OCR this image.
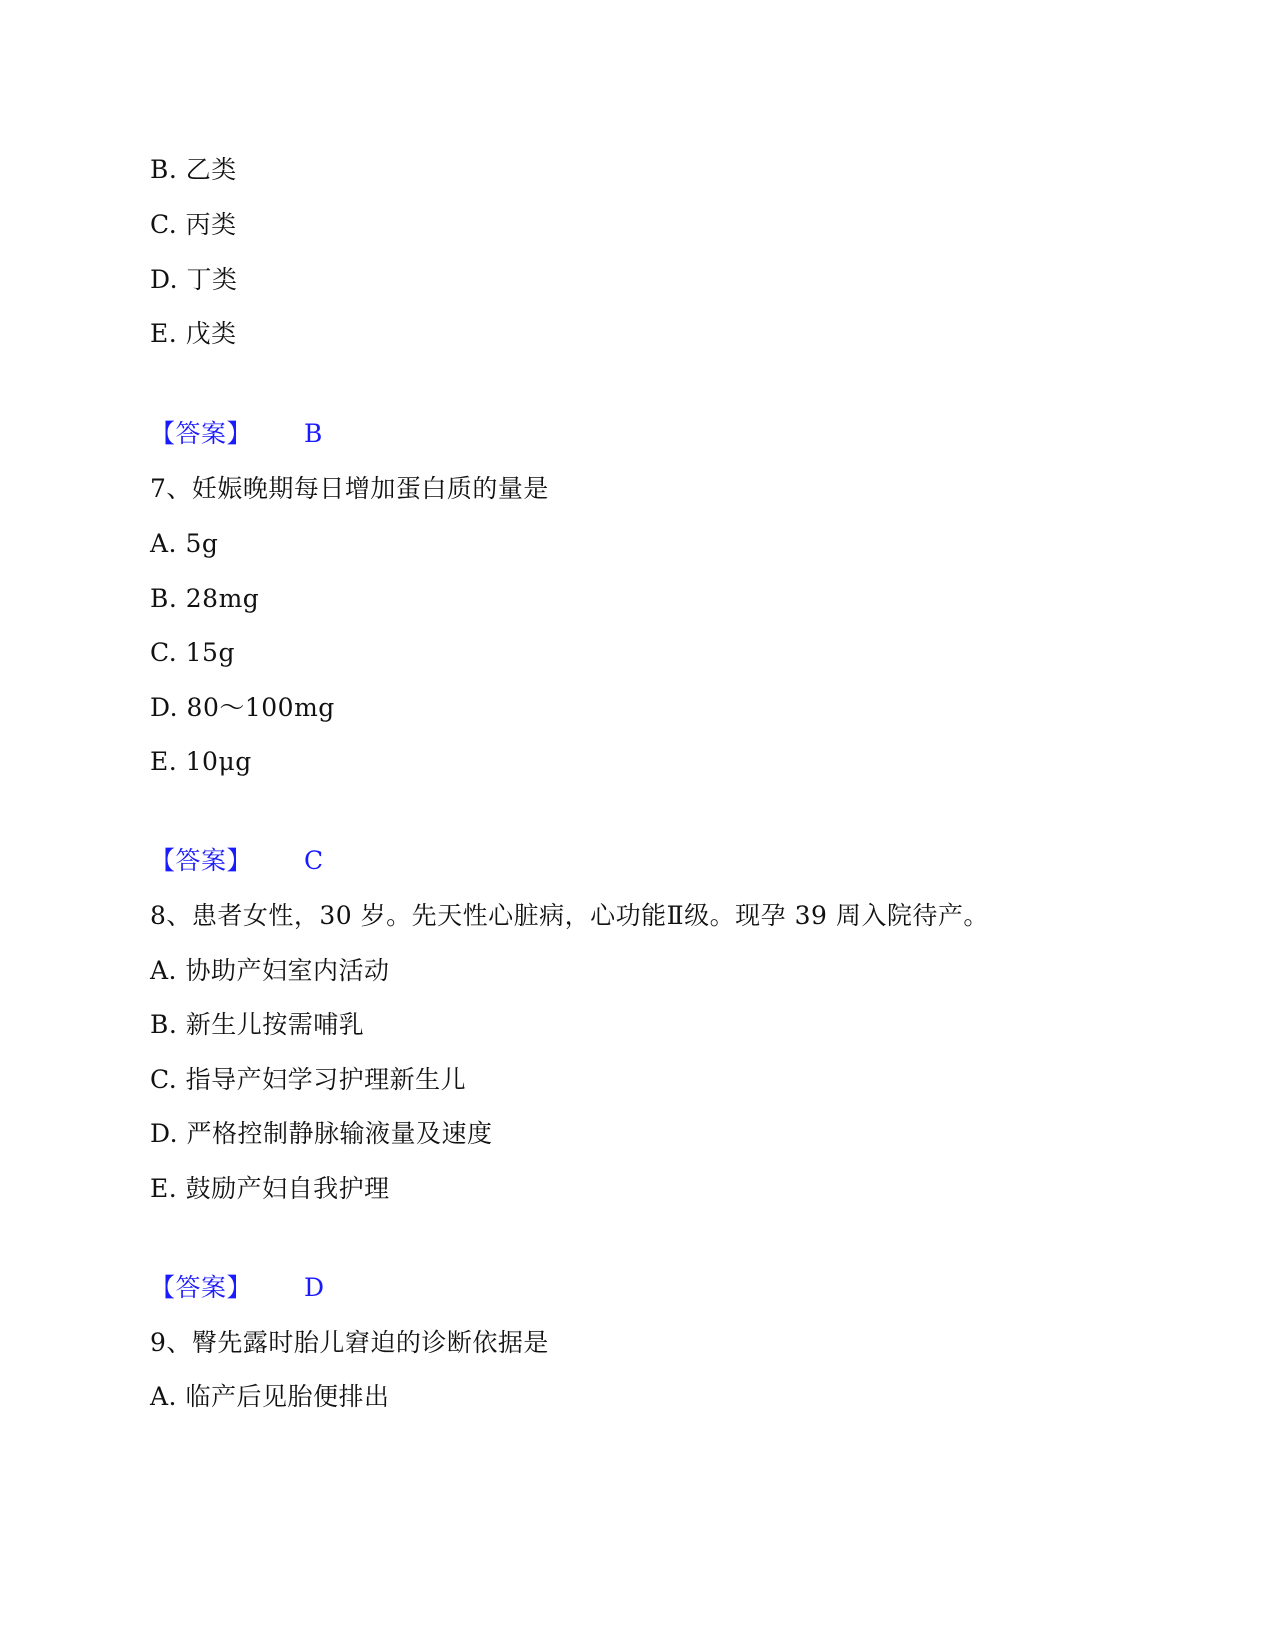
B. 乙类
C. 丙类
D. 丁类
E. 戊类
【答案】 B
7、妊娠晚期每日增加蛋白质的量是
A. 5g
B. 28mg
C. 15g
D. 80～100mg
E. 10μg
【答案】 C
8、患者女性，30 岁。先天性心脏病，心功能Ⅱ级。现孕 39 周入院待产。
A. 协助产妇室内活动
B. 新生儿按需哺乳
C. 指导产妇学习护理新生儿
D. 严格控制静脉输液量及速度
E. 鼓励产妇自我护理
【答案】 D
9、臀先露时胎儿窘迫的诊断依据是
A. 临产后见胎便排出
